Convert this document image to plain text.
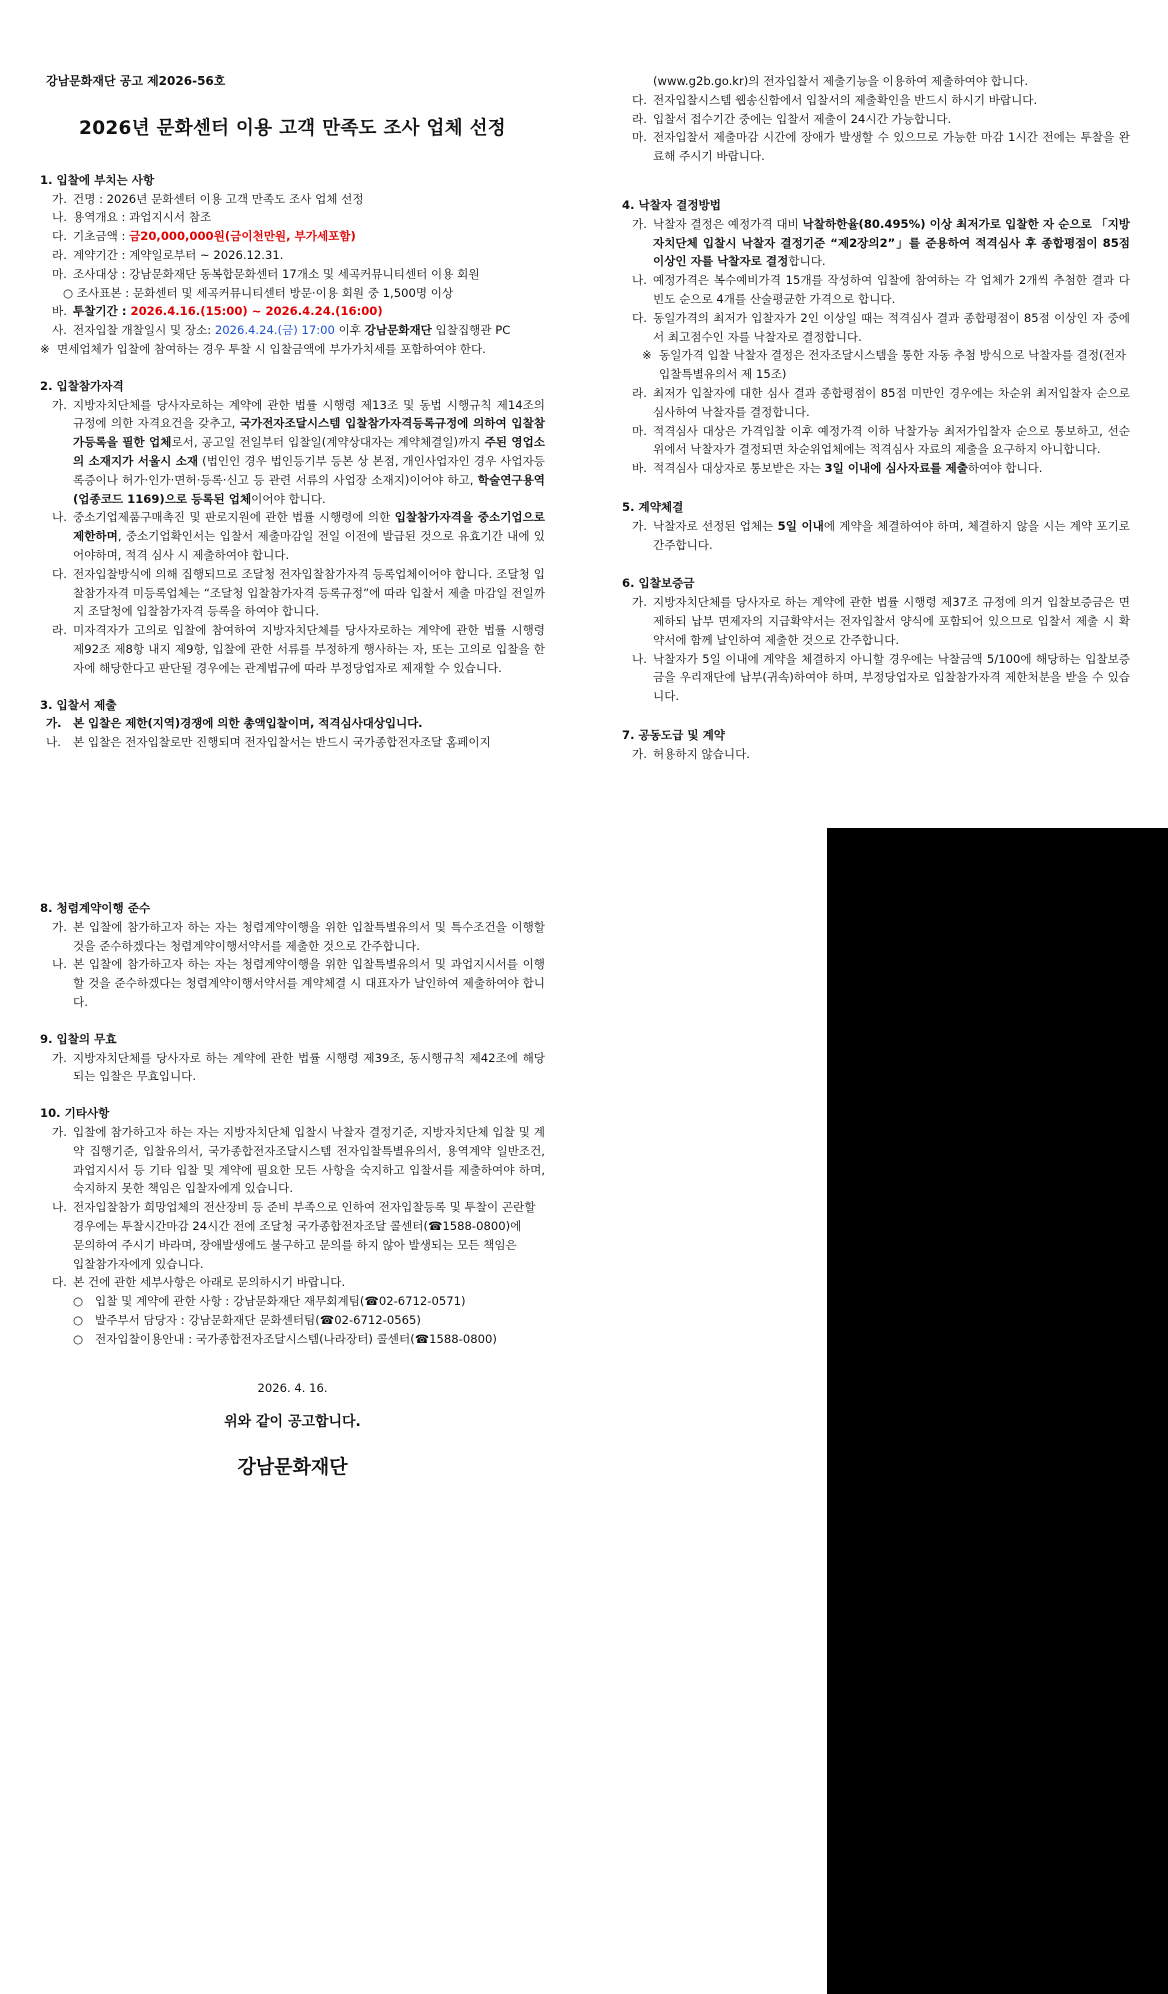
강남문화재단 공고 제2026-56호
2026년 문화센터 이용 고객 만족도 조사 업체 선정
1. 입찰에 부치는 사항
가. 건명 : 2026년 문화센터 이용 고객 만족도 조사 업체 선정
나. 용역개요 : 과업지시서 참조
다. 기초금액 : 금20,000,000원(금이천만원, 부가세포함)
라. 계약기간 : 계약일로부터 ~ 2026.12.31.
마. 조사대상 : 강남문화재단 동복합문화센터 17개소 및 세곡커뮤니티센터 이용 회원
○ 조사표본 : 문화센터 및 세곡커뮤니티센터 방문·이용 회원 중 1,500명 이상
바. 투찰기간 : 2026.4.16.(15:00) ~ 2026.4.24.(16:00)
사. 전자입찰 개찰일시 및 장소: 2026.4.24.(금) 17:00 이후 강남문화재단 입찰집행관 PC
※ 면세업체가 입찰에 참여하는 경우 투찰 시 입찰금액에 부가가치세를 포함하여야 한다.
2. 입찰참가자격
가. 지방자치단체를 당사자로하는 계약에 관한 법률 시행령 제13조 및 동법 시행규칙 제14조의 규정에 의한 자격요건을 갖추고, 국가전자조달시스템 입찰참가자격등록규정에 의하여 입찰참가등록을 필한 업체로서, 공고일 전일부터 입찰일(계약상대자는 계약체결일)까지 주된 영업소의 소재지가 서울시 소재 (법인인 경우 법인등기부 등본 상 본점, 개인사업자인 경우 사업자등록증이나 허가·인가·면허·등록·신고 등 관련 서류의 사업장 소재지)이어야 하고, 학술연구용역(업종코드 1169)으로 등록된 업체이어야 합니다.
나. 중소기업제품구매촉진 및 판로지원에 관한 법률 시행령에 의한 입찰참가자격을 중소기업으로 제한하며, 중소기업확인서는 입찰서 제출마감일 전일 이전에 발급된 것으로 유효기간 내에 있어야하며, 적격 심사 시 제출하여야 합니다.
다. 전자입찰방식에 의해 집행되므로 조달청 전자입찰참가자격 등록업체이어야 합니다. 조달청 입찰참가자격 미등록업체는 “조달청 입찰참가자격 등록규정”에 따라 입찰서 제출 마감일 전일까지 조달청에 입찰참가자격 등록을 하여야 합니다.
라. 미자격자가 고의로 입찰에 참여하여 지방자치단체를 당사자로하는 계약에 관한 법률 시행령 제92조 제8항 내지 제9항, 입찰에 관한 서류를 부정하게 행사하는 자, 또는 고의로 입찰을 한 자에 해당한다고 판단될 경우에는 관계법규에 따라 부정당업자로 제재할 수 있습니다.
3. 입찰서 제출
가. 본 입찰은 제한(지역)경쟁에 의한 총액입찰이며, 적격심사대상입니다.
나.	본 입찰은 전자입찰로만 진행되며 전자입찰서는 반드시 국가종합전자조달 홈페이지
(www.g2b.go.kr)의 전자입찰서 제출기능을 이용하여 제출하여야 합니다.
다. 전자입찰시스템 웹송신함에서 입찰서의 제출확인을 반드시 하시기 바랍니다.
라. 입찰서 접수기간 중에는 입찰서 제출이 24시간 가능합니다.
마. 전자입찰서 제출마감 시간에 장애가 발생할 수 있으므로 가능한 마감 1시간 전에는 투찰을 완료해 주시기 바랍니다.
4. 낙찰자 결정방법
가. 낙찰자 결정은 예정가격 대비 낙찰하한율(80.495%) 이상 최저가로 입찰한 자 순으로 「지방자치단체 입찰시 낙찰자 결정기준 “제2장의2”」를 준용하여 적격심사 후 종합평점이 85점 이상인 자를 낙찰자로 결정합니다.
나. 예정가격은 복수예비가격 15개를 작성하여 입찰에 참여하는 각 업체가 2개씩 추첨한 결과 다빈도 순으로 4개를 산술평균한 가격으로 합니다.
다. 동일가격의 최저가 입찰자가 2인 이상일 때는 적격심사 결과 종합평점이 85점 이상인 자 중에서 최고점수인 자를 낙찰자로 결정합니다.
※ 동일가격 입찰 낙찰자 결정은 전자조달시스템을 통한 자동 추첨 방식으로 낙찰자를 결정(전자입찰특별유의서 제 15조)
라. 최저가 입찰자에 대한 심사 결과 종합평점이 85점 미만인 경우에는 차순위 최저입찰자 순으로 심사하여 낙찰자를 결정합니다.
마. 적격심사 대상은 가격입찰 이후 예정가격 이하 낙찰가능 최저가입찰자 순으로 통보하고, 선순위에서 낙찰자가 결정되면 차순위업체에는 적격심사 자료의 제출을 요구하지 아니합니다.
바. 적격심사 대상자로 통보받은 자는 3일 이내에 심사자료를 제출하여야 합니다.
5. 계약체결
가. 낙찰자로 선정된 업체는 5일 이내에 계약을 체결하여야 하며, 체결하지 않을 시는 계약 포기로 간주합니다.
6. 입찰보증금
가. 지방자치단체를 당사자로 하는 계약에 관한 법률 시행령 제37조 규정에 의거 입찰보증금은 면제하되 납부 면제자의 지급확약서는 전자입찰서 양식에 포함되어 있으므로 입찰서 제출 시 확약서에 함께 날인하여 제출한 것으로 간주합니다.
나. 낙찰자가 5일 이내에 계약을 체결하지 아니할 경우에는 낙찰금액 5/100에 해당하는 입찰보증금을 우리재단에 납부(귀속)하여야 하며, 부정당업자로 입찰참가자격 제한처분을 받을 수 있습니다.
7. 공동도급 및 계약
가. 허용하지 않습니다.
8. 청렴계약이행 준수
가. 본 입찰에 참가하고자 하는 자는 청렴계약이행을 위한 입찰특별유의서 및 특수조건을 이행할 것을 준수하겠다는 청렴계약이행서약서를 제출한 것으로 간주합니다.
나. 본 입찰에 참가하고자 하는 자는 청렴계약이행을 위한 입찰특별유의서 및 과업지시서를 이행할 것을 준수하겠다는 청렴계약이행서약서를 계약체결 시 대표자가 날인하여 제출하여야 합니다.
9. 입찰의 무효
가. 지방자치단체를 당사자로 하는 계약에 관한 법률 시행령 제39조, 동시행규칙 제42조에 해당되는 입찰은 무효입니다.
10. 기타사항
가. 입찰에 참가하고자 하는 자는 지방자치단체 입찰시 낙찰자 결정기준, 지방자치단체 입찰 및 계약 집행기준, 입찰유의서, 국가종합전자조달시스템 전자입찰특별유의서, 용역계약 일반조건, 과업지시서 등 기타 입찰 및 계약에 필요한 모든 사항을 숙지하고 입찰서를 제출하여야 하며, 숙지하지 못한 책임은 입찰자에게 있습니다.
나. 전자입찰참가 희망업체의 전산장비 등 준비 부족으로 인하여 전자입찰등록 및 투찰이 곤란할
경우에는 투찰시간마감 24시간 전에 조달청 국가종합전자조달 콜센터(☎1588-0800)에
문의하여 주시기 바라며, 장애발생에도 불구하고 문의를 하지 않아 발생되는 모든 책임은
입찰참가자에게 있습니다.
다. 본 건에 관한 세부사항은 아래로 문의하시기 바랍니다.
○	입찰 및 계약에 관한 사항 : 강남문화재단 재무회계팀(☎02-6712-0571)
○	발주부서 담당자 : 강남문화재단 문화센터팀(☎02-6712-0565)
○	전자입찰이용안내 : 국가종합전자조달시스템(나라장터) 콜센터(☎1588-0800)
2026. 4. 16.
위와 같이 공고합니다.
강남문화재단
